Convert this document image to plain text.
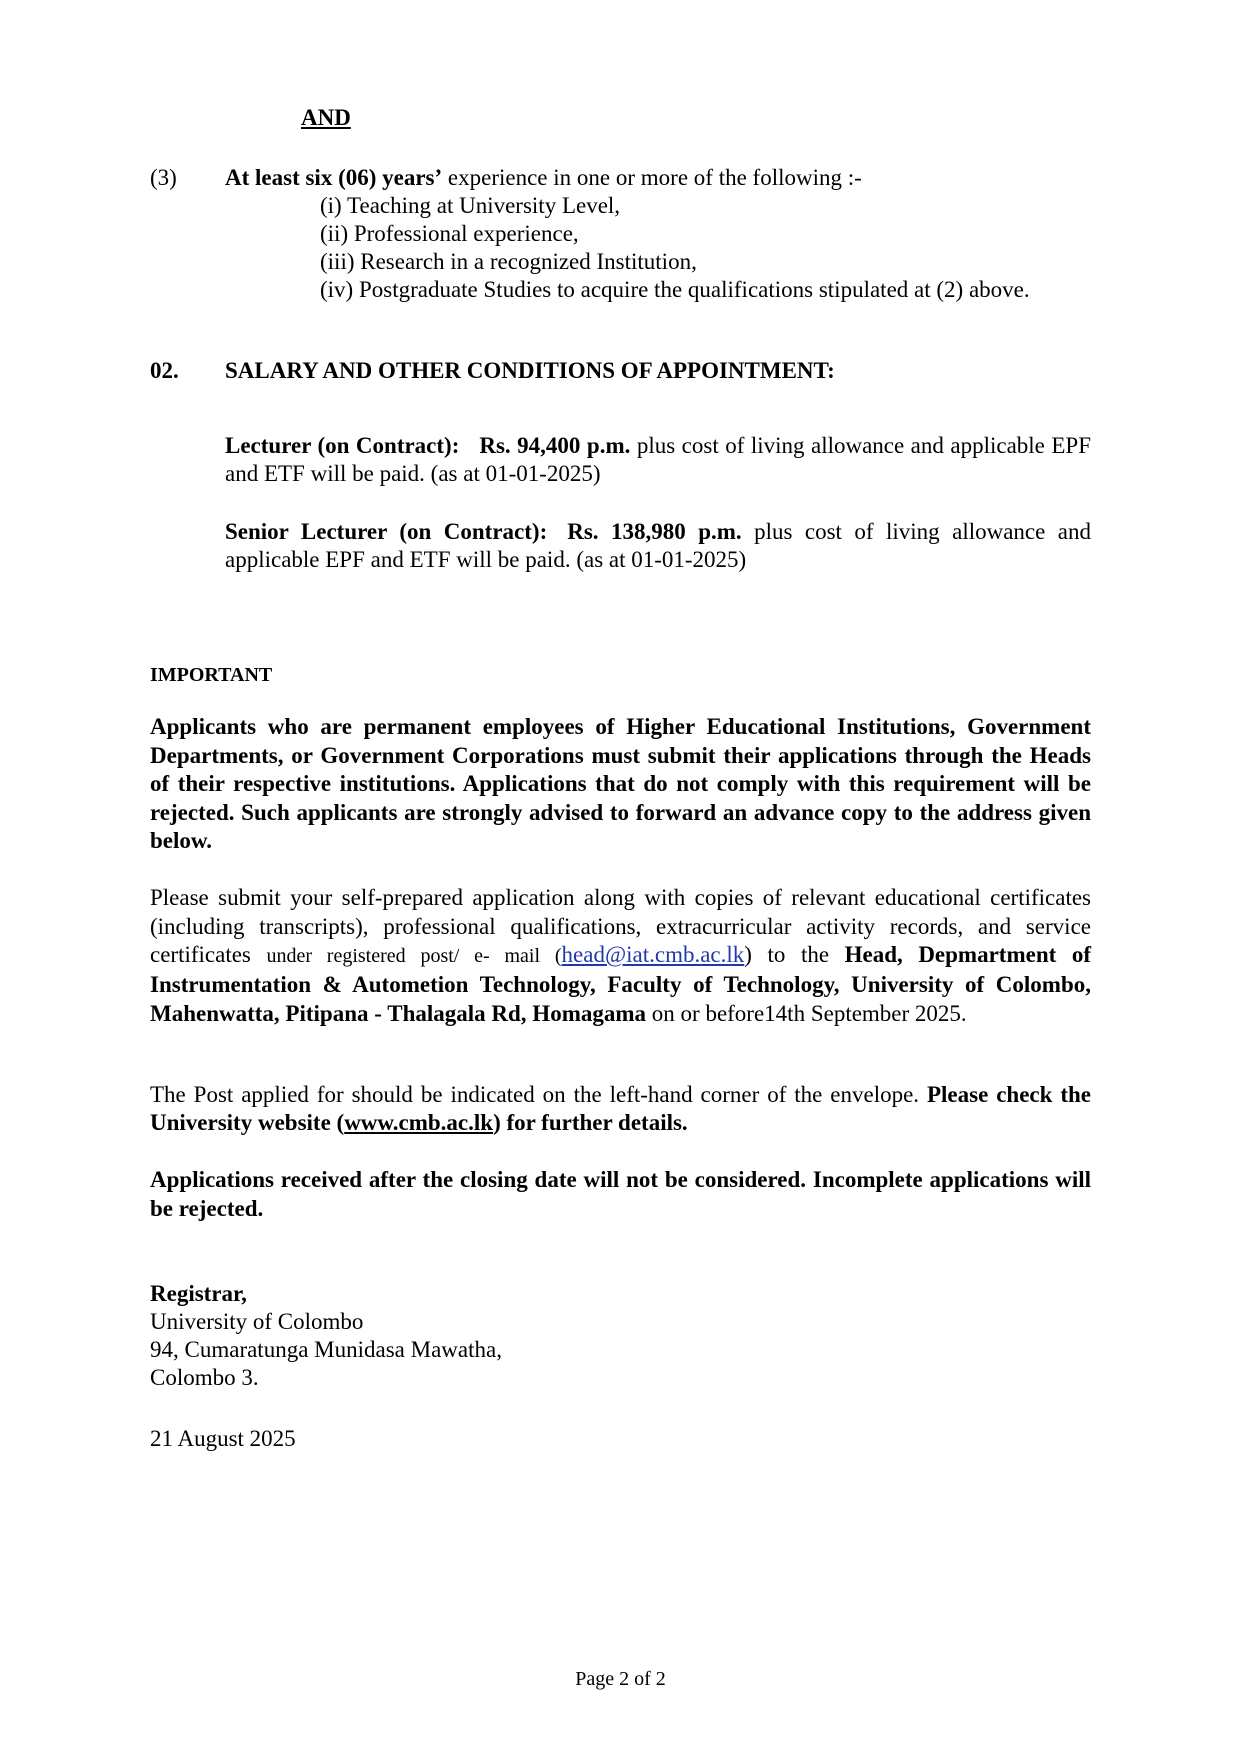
AND
(3) At least six (06) years’ experience in one or more of the following :-
(i) Teaching at University Level,
(ii) Professional experience,
(iii) Research in a recognized Institution,
(iv) Postgraduate Studies to acquire the qualifications stipulated at (2) above.
02. SALARY AND OTHER CONDITIONS OF APPOINTMENT:
Lecturer (on Contract): Rs. 94,400 p.m. plus cost of living allowance and applicable EPF and ETF will be paid. (as at 01-01-2025)
Senior Lecturer (on Contract): Rs. 138,980 p.m. plus cost of living allowance and applicable EPF and ETF will be paid. (as at 01-01-2025)
IMPORTANT
Applicants who are permanent employees of Higher Educational Institutions, Government Departments, or Government Corporations must submit their applications through the Heads of their respective institutions. Applications that do not comply with this requirement will be rejected. Such applicants are strongly advised to forward an advance copy to the address given below.
Please submit your self-prepared application along with copies of relevant educational certificates (including transcripts), professional qualifications, extracurricular activity records, and service certificates under registered post/ e- mail (head@iat.cmb.ac.lk) to the Head, Depmartment of Instrumentation & Autometion Technology, Faculty of Technology, University of Colombo, Mahenwatta, Pitipana - Thalagala Rd, Homagama on or before14th September 2025.
The Post applied for should be indicated on the left-hand corner of the envelope. Please check the University website (www.cmb.ac.lk) for further details.
Applications received after the closing date will not be considered. Incomplete applications will be rejected.
Registrar,
University of Colombo
94, Cumaratunga Munidasa Mawatha,
Colombo 3.
21 August 2025
Page 2 of 2
